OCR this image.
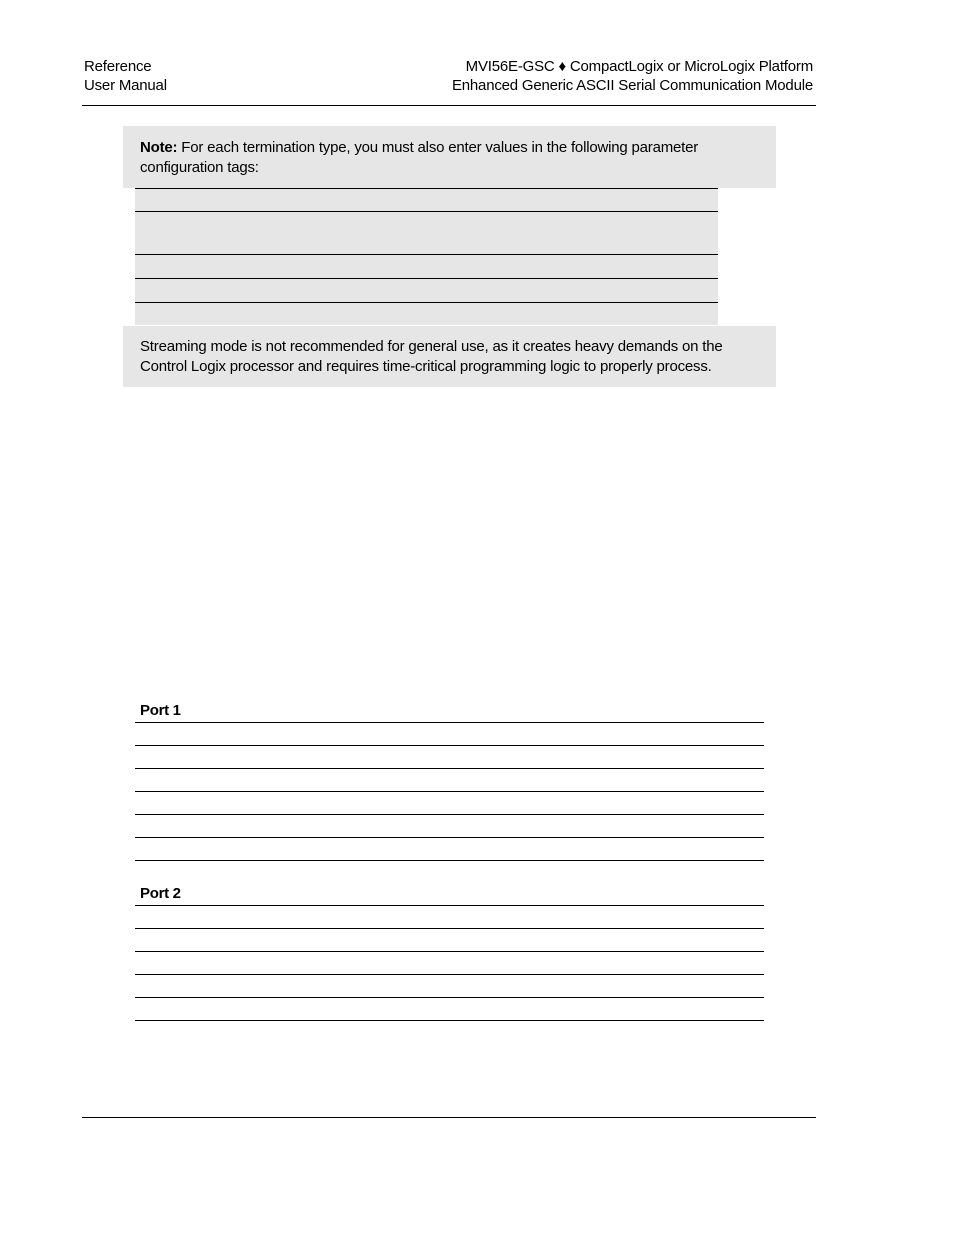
Reference
User Manual
MVI56E-GSC ♦ CompactLogix or MicroLogix Platform
Enhanced Generic ASCII Serial Communication Module
Note: For each termination type, you must also enter values in the following parameter configuration tags:
Streaming mode is not recommended for general use, as it creates heavy demands on the Control Logix processor and requires time-critical programming logic to properly process.
Port 1
Port 2
